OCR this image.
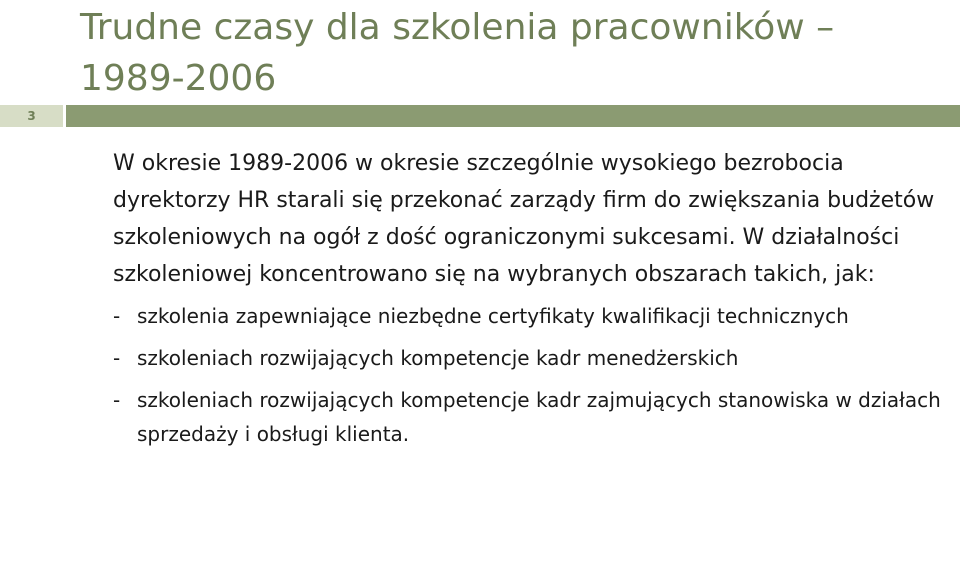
Trudne czasy dla szkolenia pracowników – 1989-2006
3

W okresie 1989-2006 w okresie szczególnie wysokiego bezrobocia dyrektorzy HR starali się przekonać zarządy firm do zwiększania budżetów szkoleniowych na ogół z dość ograniczonymi sukcesami. W działalności szkoleniowej koncentrowano się na wybranych obszarach takich, jak:

- szkolenia zapewniające niezbędne certyfikaty kwalifikacji technicznych
- szkoleniach rozwijających kompetencje kadr menedżerskich
- szkoleniach rozwijających kompetencje kadr zajmujących stanowiska w działach sprzedaży i obsługi klienta.
